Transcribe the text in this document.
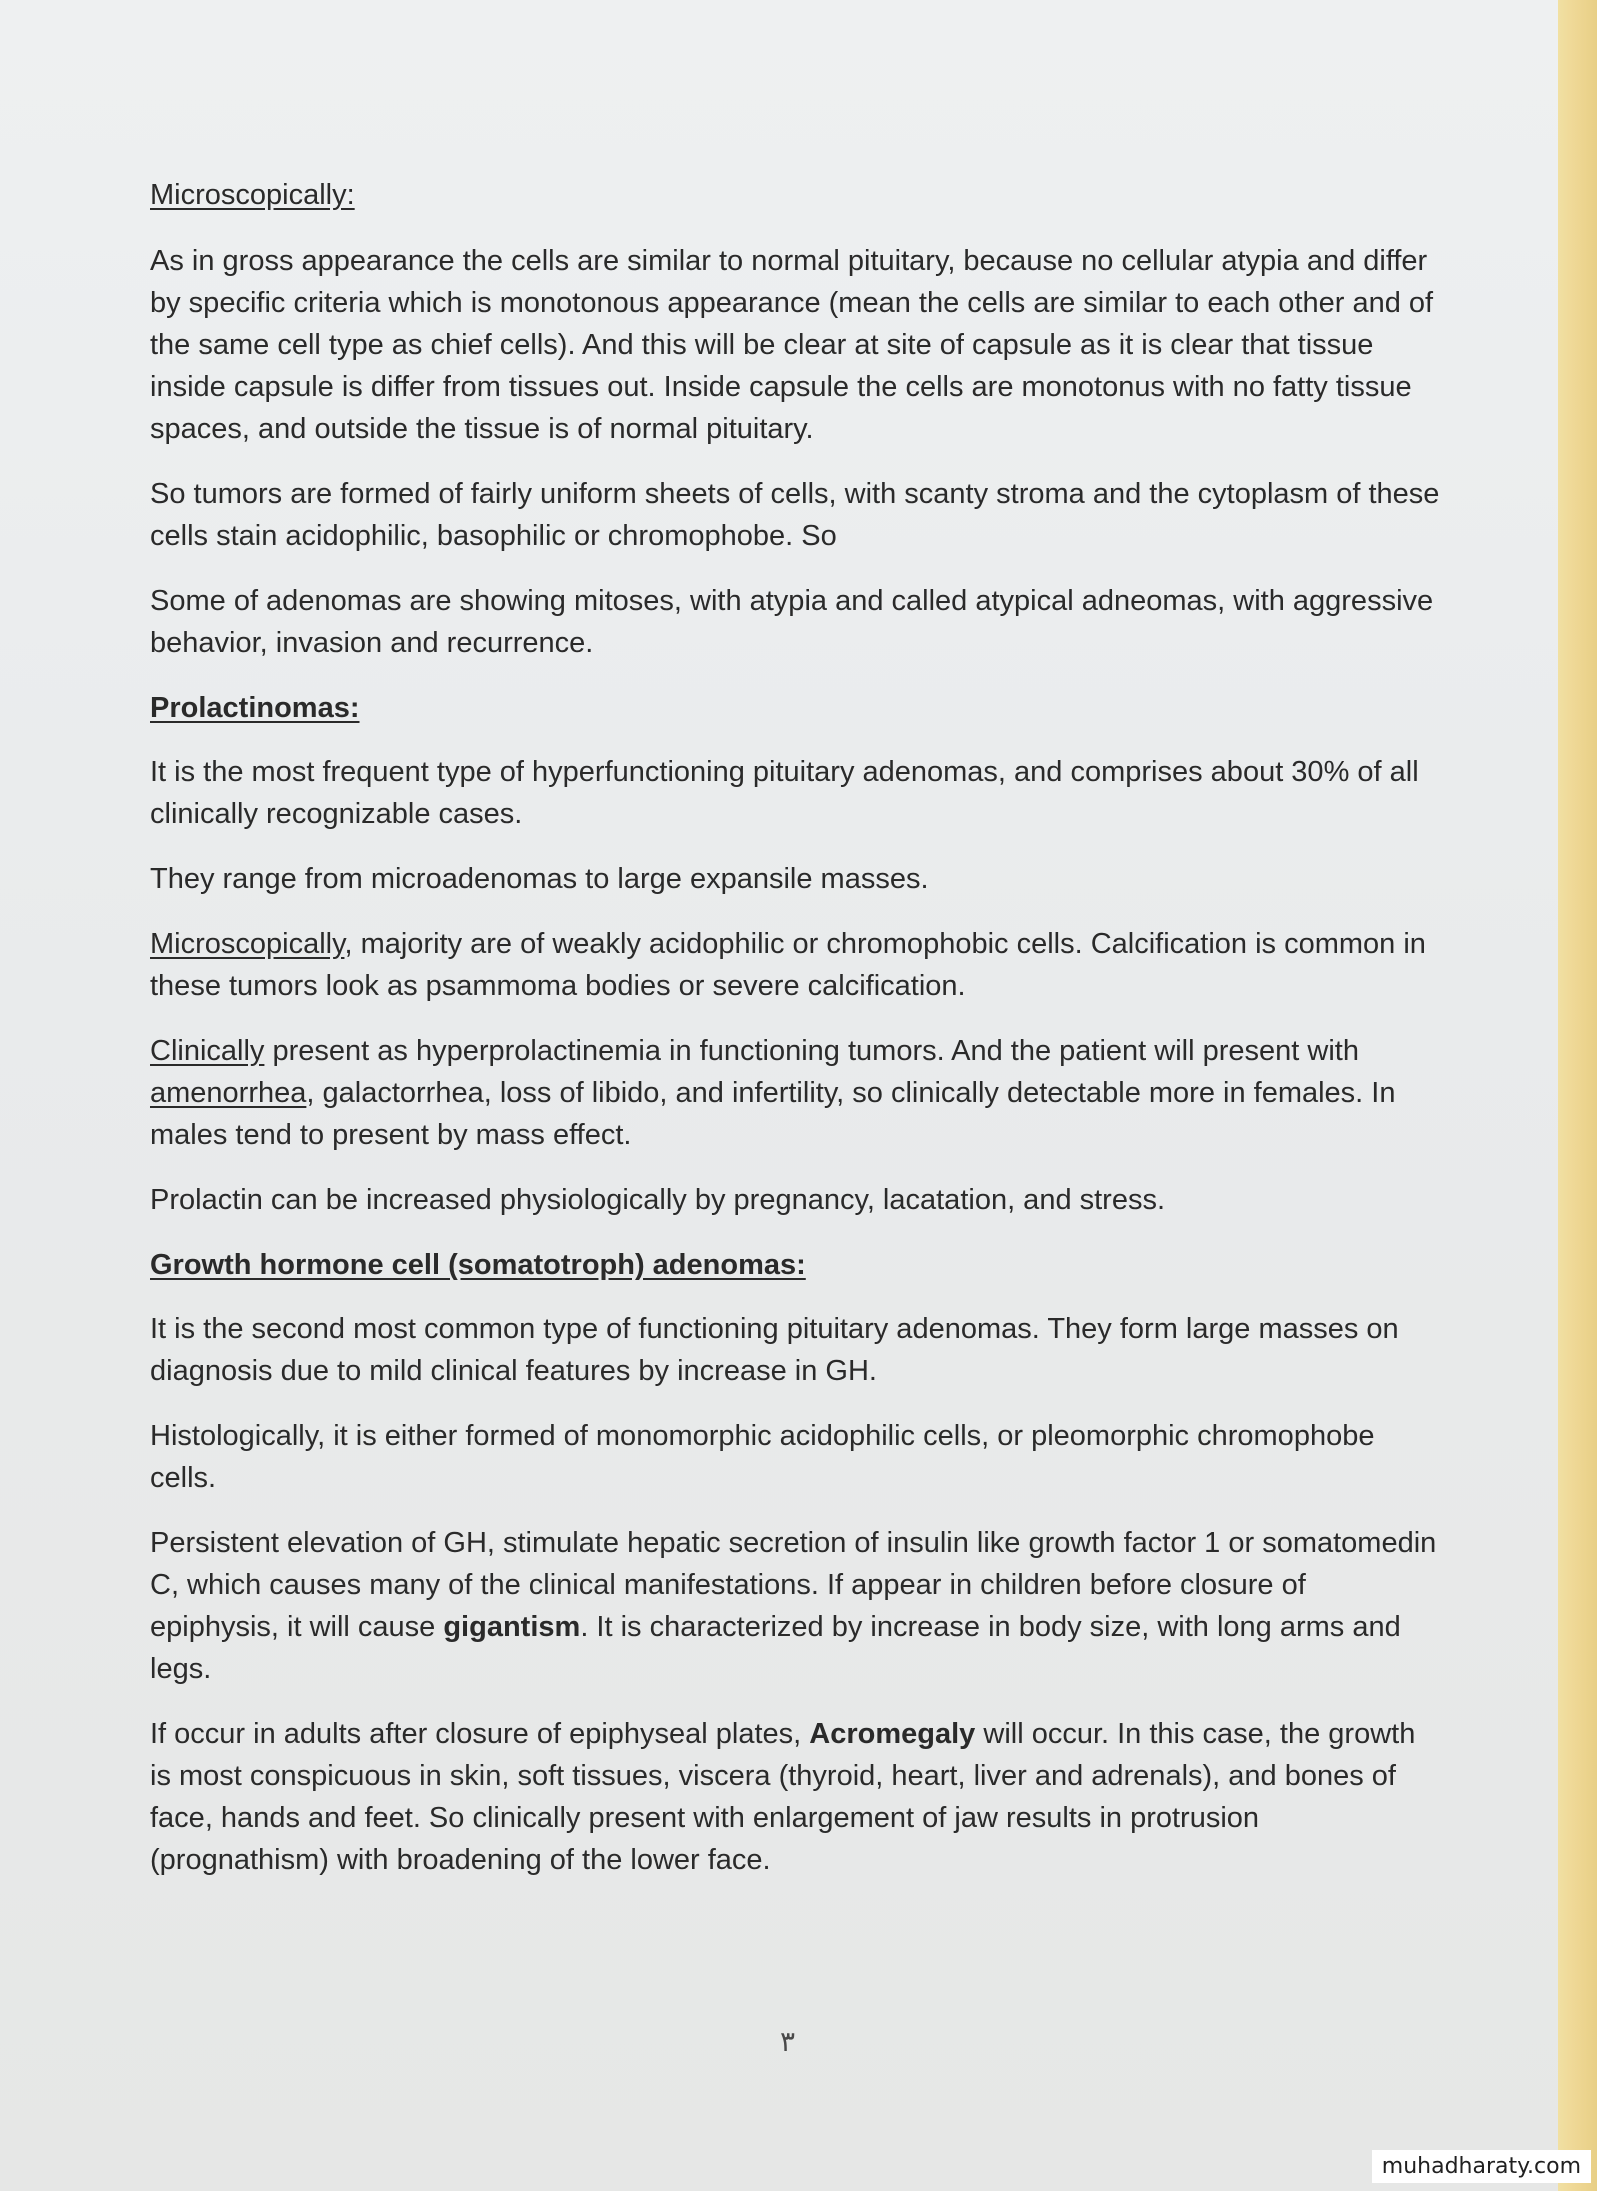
Microscopically:

As in gross appearance the cells are similar to normal pituitary, because no cellular atypia and differ by specific criteria which is monotonous appearance (mean the cells are similar to each other and of the same cell type as chief cells). And this will be clear at site of capsule as it is clear that tissue inside capsule is differ from tissues out. Inside capsule the cells are monotonus with no fatty tissue spaces, and outside the tissue is of normal pituitary.

So tumors are formed of fairly uniform sheets of cells, with scanty stroma and the cytoplasm of these cells stain acidophilic, basophilic or chromophobe. So

Some of adenomas are showing mitoses, with atypia and called atypical adneomas, with aggressive behavior, invasion and recurrence.

Prolactinomas:

It is the most frequent type of hyperfunctioning pituitary adenomas, and comprises about 30% of all clinically recognizable cases.

They range from microadenomas to large expansile masses.

Microscopically, majority are of weakly acidophilic or chromophobic cells. Calcification is common in these tumors look as psammoma bodies or severe calcification.

Clinically present as hyperprolactinemia in functioning tumors. And the patient will present with amenorrhea, galactorrhea, loss of libido, and infertility, so clinically detectable more in females. In males tend to present by mass effect.

Prolactin can be increased physiologically by pregnancy, lacatation, and stress.

Growth hormone cell (somatotroph) adenomas:

It is the second most common type of functioning pituitary adenomas. They form large masses on diagnosis due to mild clinical features by increase in GH.

Histologically, it is either formed of monomorphic acidophilic cells, or pleomorphic chromophobe cells.

Persistent elevation of GH, stimulate hepatic secretion of insulin like growth factor 1 or somatomedin C, which causes many of the clinical manifestations. If appear in children before closure of epiphysis, it will cause gigantism. It is characterized by increase in body size, with long arms and legs.

If occur in adults after closure of epiphyseal plates, Acromegaly will occur. In this case, the growth is most conspicuous in skin, soft tissues, viscera (thyroid, heart, liver and adrenals), and bones of face, hands and feet. So clinically present with enlargement of jaw results in protrusion (prognathism) with broadening of the lower face.

٣
muhadharaty.com
